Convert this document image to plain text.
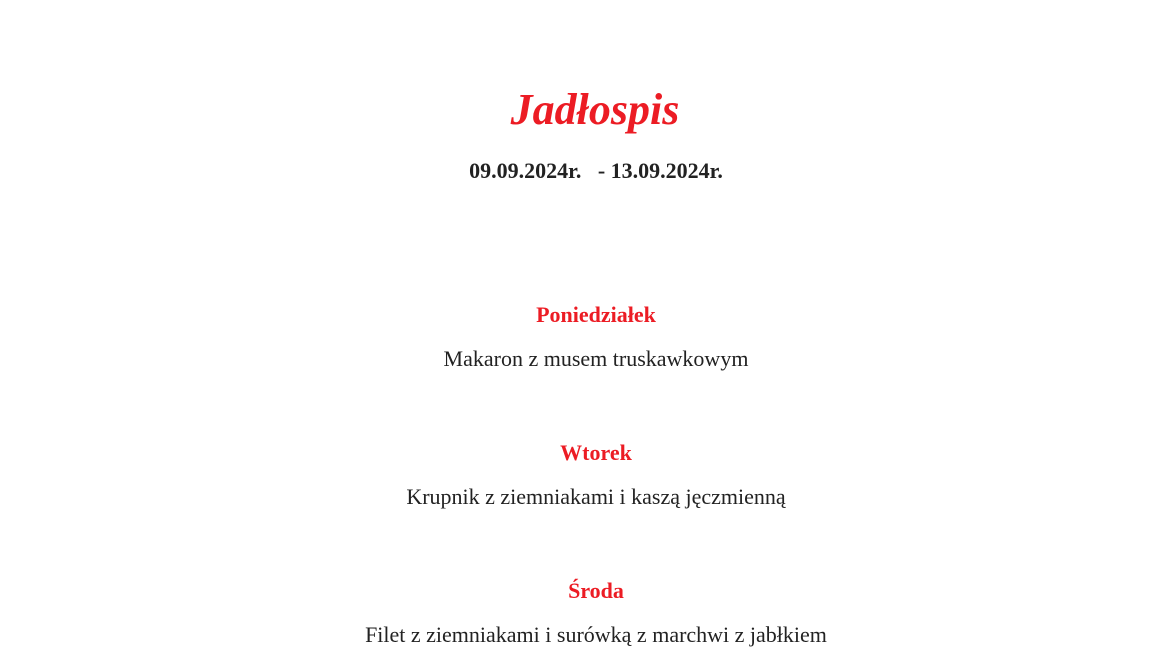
Jadłospis
09.09.2024r. - 13.09.2024r.
Poniedziałek
Makaron z musem truskawkowym
Wtorek
Krupnik z ziemniakami i kaszą jęczmienną
Środa
Filet z ziemniakami i surówką z marchwi z jabłkiem
